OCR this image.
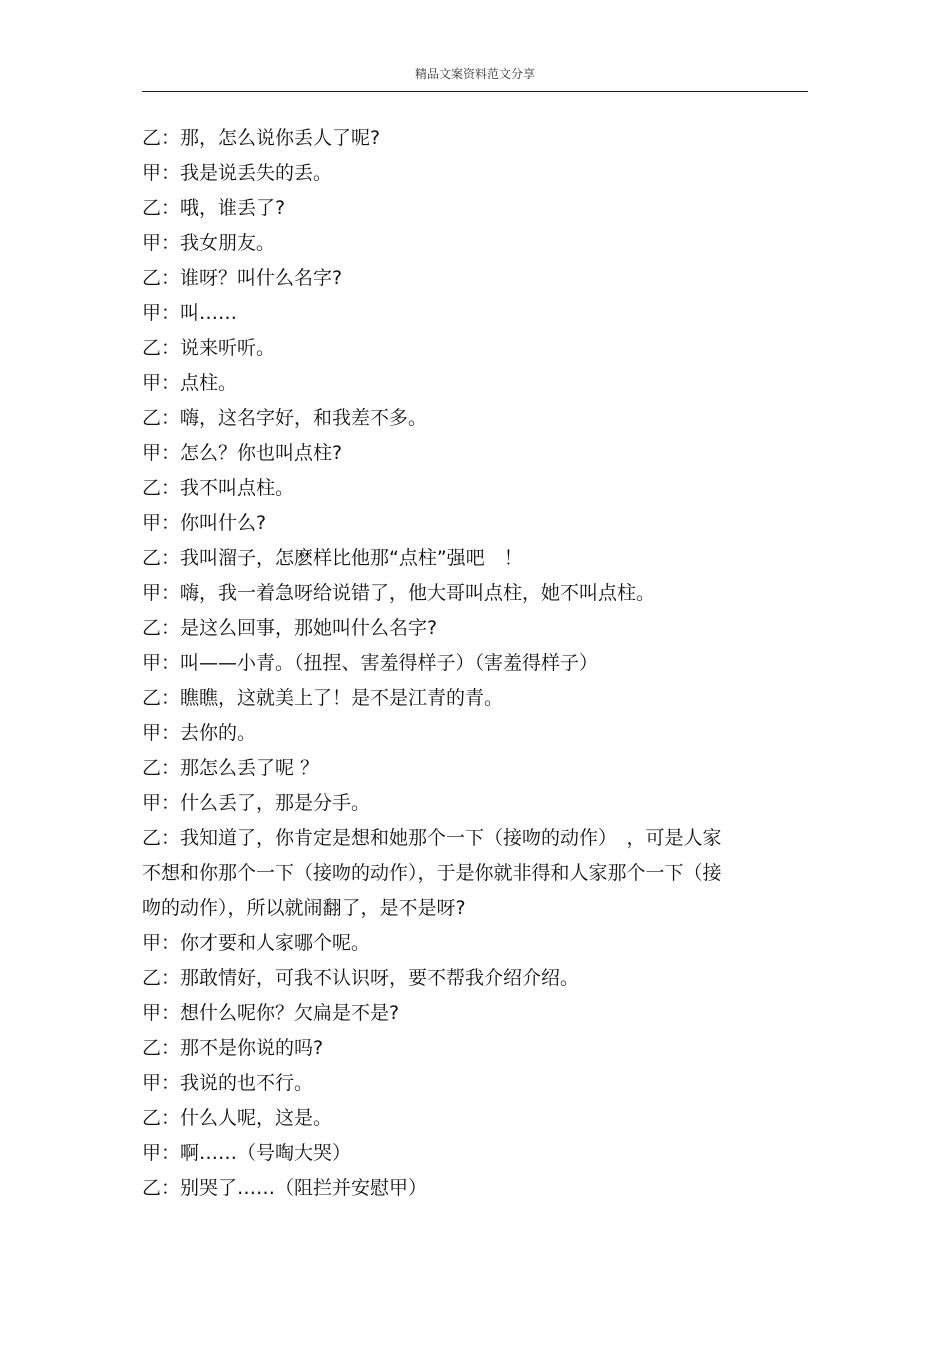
精品文案资料范文分享

乙：那，怎么说你丢人了呢?

甲：我是说丢失的丢。

乙：哦，谁丢了?

甲：我女朋友。

乙：谁呀？叫什么名字?

甲：叫……

乙：说来听听。

甲：点柱。

乙：嗨，这名字好，和我差不多。

甲：怎么？你也叫点柱?

乙：我不叫点柱。

甲：你叫什么?

乙：我叫溜子，怎麽样比他那“点柱”强吧　！

甲：嗨，我一着急呀给说错了，他大哥叫点柱，她不叫点柱。

乙：是这么回事，那她叫什么名字?

甲：叫——小青。（扭捏、害羞得样子）（害羞得样子）

乙：瞧瞧，这就美上了！是不是江青的青。

甲：去你的。

乙：那怎么丢了呢 ？

甲：什么丢了，那是分手。

乙：我知道了，你肯定是想和她那个一下（接吻的动作）　，可是人家

不想和你那个一下（接吻的动作），于是你就非得和人家那个一下（接

吻的动作），所以就闹翻了，是不是呀?

甲：你才要和人家哪个呢。

乙：那敢情好，可我不认识呀，要不帮我介绍介绍。

甲：想什么呢你？欠扁是不是?

乙：那不是你说的吗?

甲：我说的也不行。

乙：什么人呢，这是。

甲：啊……（号啕大哭）

乙：别哭了……（阻拦并安慰甲）
